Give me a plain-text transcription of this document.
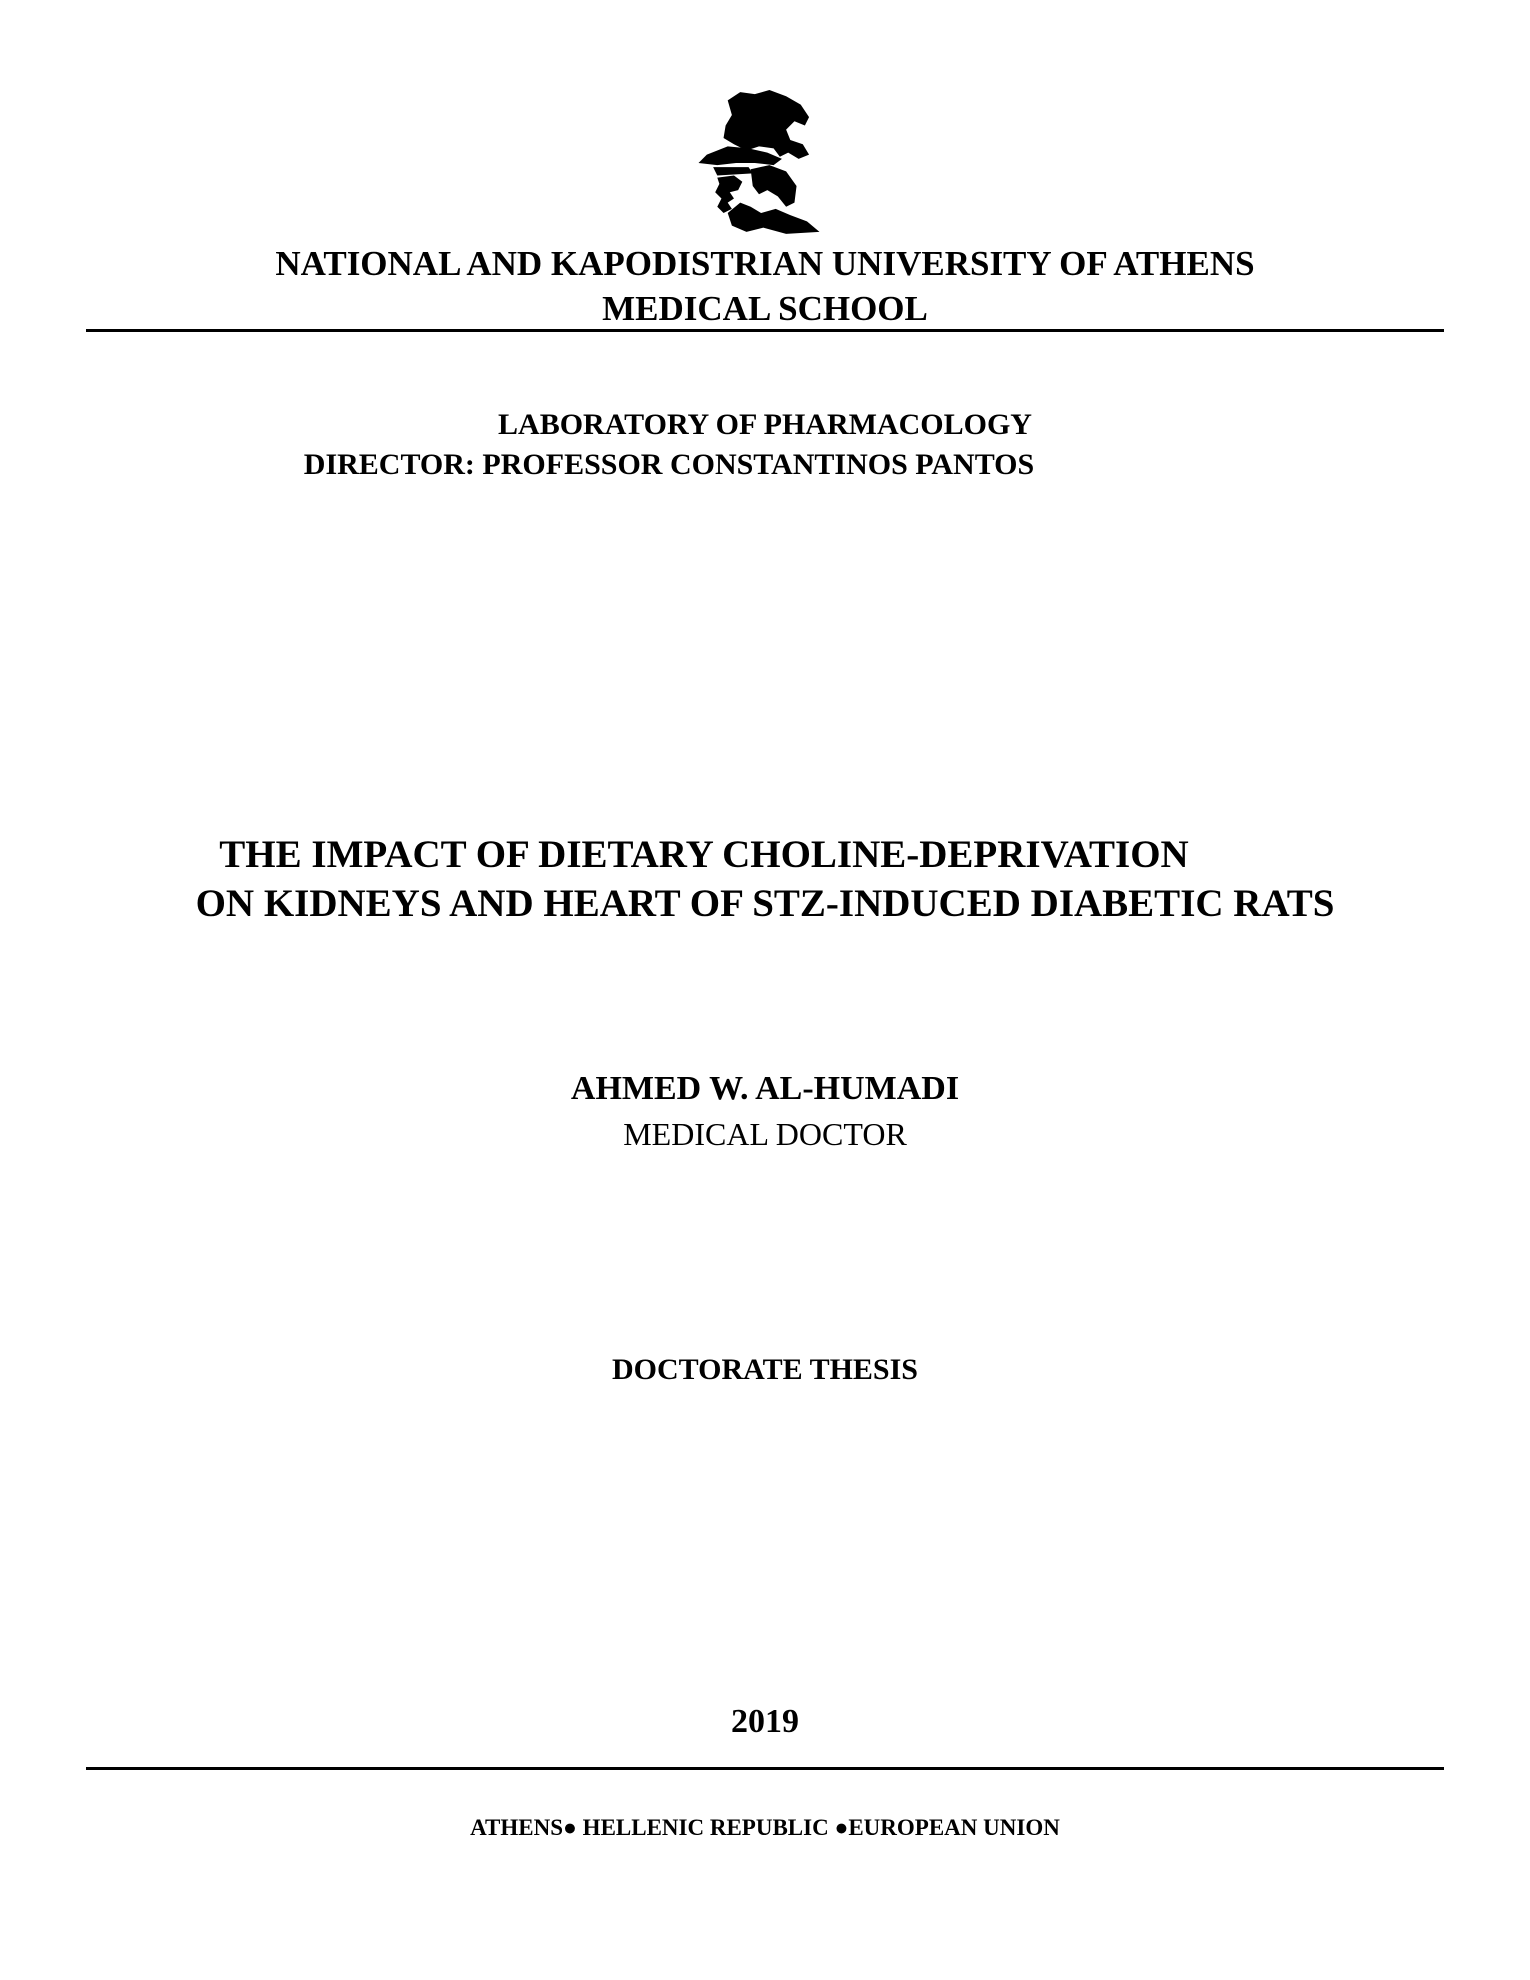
NATIONAL AND KAPODISTRIAN UNIVERSITY OF ATHENS
MEDICAL SCHOOL
LABORATORY OF PHARMACOLOGY
DIRECTOR: PROFESSOR CONSTANTINOS PANTOS
THE IMPACT OF DIETARY CHOLINE-DEPRIVATION
ON KIDNEYS AND HEART OF STZ-INDUCED DIABETIC RATS
AHMED W. AL-HUMADI
MEDICAL DOCTOR
DOCTORATE THESIS
2019
ATHENS● HELLENIC REPUBLIC ●EUROPEAN UNION
